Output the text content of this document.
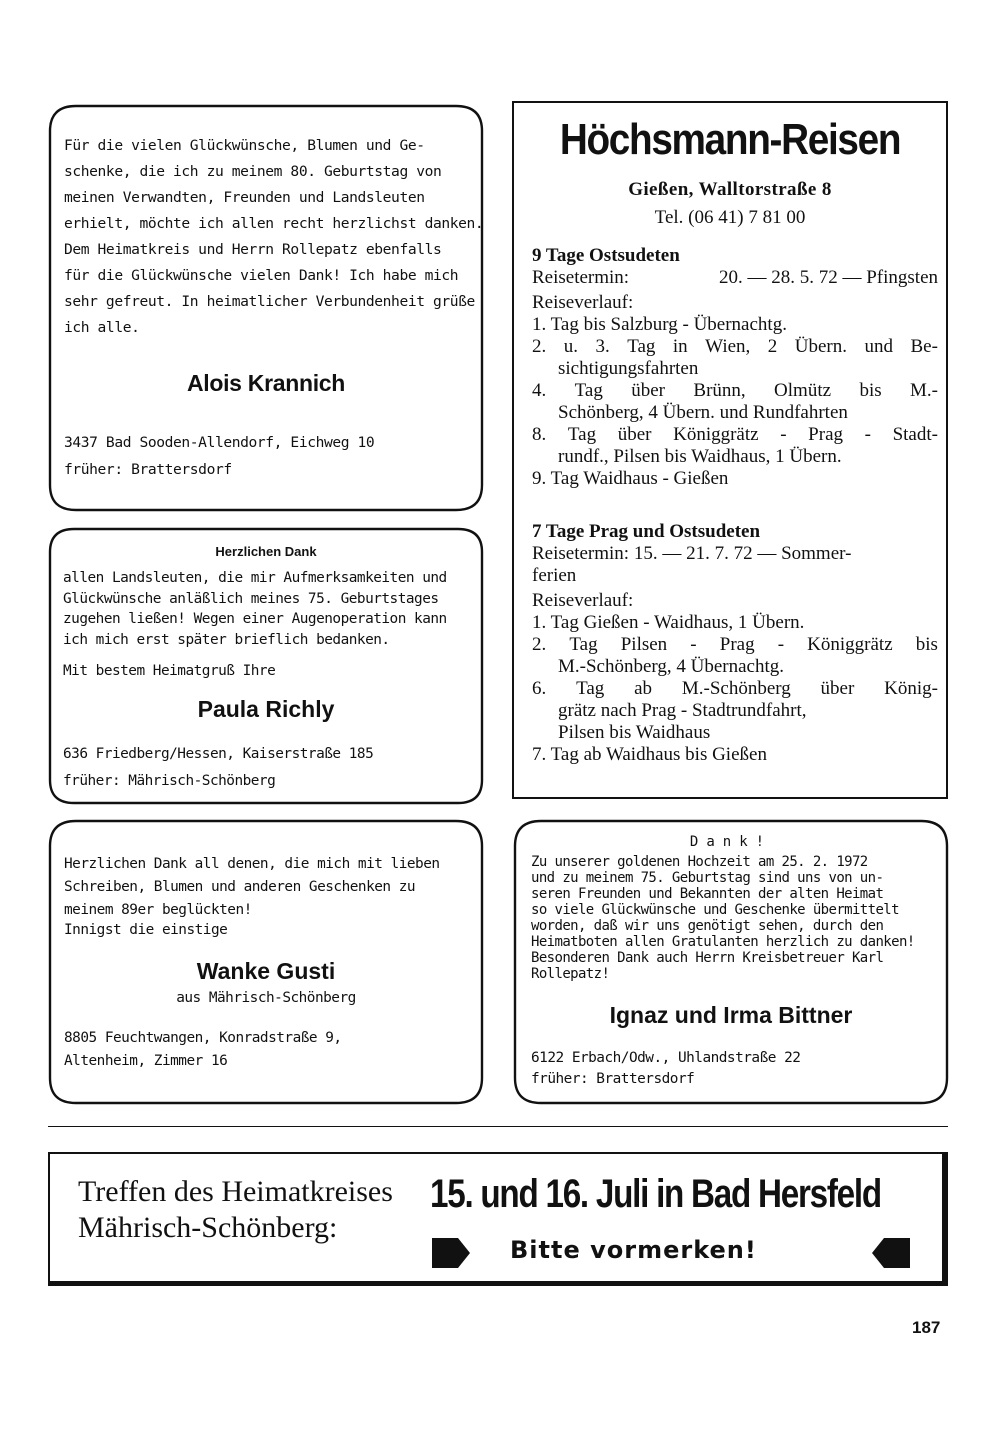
Für die vielen Glückwünsche, Blumen und Ge-
schenke, die ich zu meinem 80. Geburtstag von
meinen Verwandten, Freunden und Landsleuten
erhielt, möchte ich allen recht herzlichst danken.
Dem Heimatkreis und Herrn Rollepatz ebenfalls
für die Glückwünsche vielen Dank! Ich habe mich
sehr gefreut. In heimatlicher Verbundenheit grüße
ich alle.
Alois Krannich
3437 Bad Sooden-Allendorf, Eichweg 10
früher: Brattersdorf
Herzlichen Dank
allen Landsleuten, die mir Aufmerksamkeiten und
Glückwünsche anläßlich meines 75. Geburtstages
zugehen ließen! Wegen einer Augenoperation kann
ich mich erst später brieflich bedanken.
Mit bestem Heimatgruß Ihre
Paula Richly
636 Friedberg/Hessen, Kaiserstraße 185
früher: Mährisch-Schönberg
Höchsmann-Reisen
Gießen, Walltorstraße 8
Tel. (06 41) 7 81 00
9 Tage Ostsudeten
Reisetermin:	20. — 28. 5. 72 — Pfingsten
Reiseverlauf:
1. Tag bis Salzburg - Übernachtg.
2. u. 3. Tag in Wien, 2 Übern. und Be-
sichtigungsfahrten
4. Tag über Brünn, Olmütz bis M.-
Schönberg, 4 Übern. und Rundfahrten
8. Tag über Königgrätz - Prag - Stadt-
rundf., Pilsen bis Waidhaus, 1 Übern.
9. Tag Waidhaus - Gießen
7 Tage Prag und Ostsudeten
Reisetermin: 15. — 21. 7. 72 — Sommer-
ferien
Reiseverlauf:
1. Tag Gießen - Waidhaus, 1 Übern.
2. Tag Pilsen - Prag - Königgrätz bis
M.-Schönberg, 4 Übernachtg.
6. Tag ab M.-Schönberg über König-
grätz nach Prag - Stadtrundfahrt,
Pilsen bis Waidhaus
7. Tag ab Waidhaus bis Gießen
Herzlichen Dank all denen, die mich mit lieben
Schreiben, Blumen und anderen Geschenken zu
meinem 89er beglückten!
Innigst die einstige
Wanke Gusti
aus Mährisch-Schönberg
8805 Feuchtwangen, Konradstraße 9,
Altenheim, Zimmer 16
Dank!
Zu unserer goldenen Hochzeit am 25. 2. 1972
und zu meinem 75. Geburtstag sind uns von un-
seren Freunden und Bekannten der alten Heimat
so viele Glückwünsche und Geschenke übermittelt
worden, daß wir uns genötigt sehen, durch den
Heimatboten allen Gratulanten herzlich zu danken!
Besonderen Dank auch Herrn Kreisbetreuer Karl
Rollepatz!
Ignaz und Irma Bittner
6122 Erbach/Odw., Uhlandstraße 22
früher: Brattersdorf
Treffen des Heimatkreises
Mährisch-Schönberg:
15. und 16. Juli in Bad Hersfeld
Bitte vormerken!
187
